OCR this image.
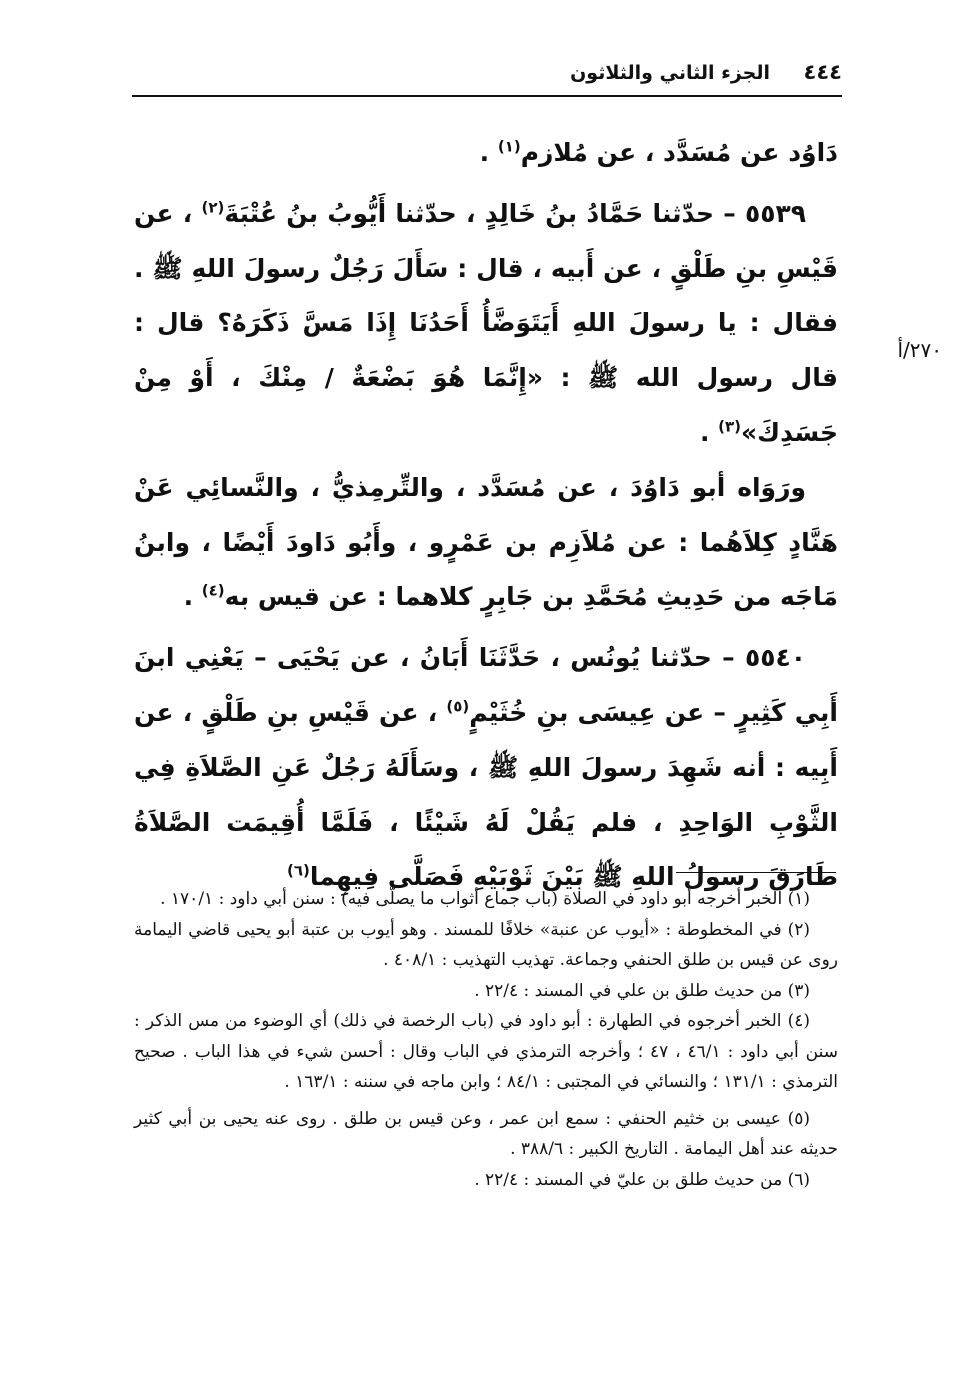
٤٤٤
الجزء الثاني والثلاثون
٢٧٠/أ

دَاوُد عن مُسَدَّد ، عن مُلازم$^{(١)}$ .

٥٥٣٩ – حدّثنا حَمَّادُ بنُ خَالِدٍ ، حدّثنا أَيُّوبُ بنُ عُتْبَةَ$^{(٢)}$ ، عن قَيْسِ بنِ طَلْقٍ ، عن أَبيه ، قال : سَأَلَ رَجُلٌ رسولَ اللهِ ﷺ . فقال : يا رسولَ اللهِ أَيَتَوَضَّأُ أَحَدُنَا إِذَا مَسَّ ذَكَرَهُ؟ قال : قال رسول الله ﷺ : «إِنَّمَا هُوَ بَضْعَةٌ / مِنْكَ ، أَوْ مِنْ جَسَدِكَ»$^{(٣)}$ .

ورَوَاه أبو دَاوُدَ ، عن مُسَدَّد ، والتِّرمِذيُّ ، والنَّسائِي عَنْ هَنَّادٍ كِلاَهُما : عن مُلاَزِم بن عَمْرٍو ، وأَبُو دَاودَ أَيْضًا ، وابنُ مَاجَه من حَدِيثِ مُحَمَّدِ بن جَابِرٍ كلاهما : عن قيس به$^{(٤)}$ .

٥٥٤٠ – حدّثنا يُونُس ، حَدَّثَنَا أَبَانُ ، عن يَحْيَى – يَعْنِي ابنَ أَبِي كَثِيرٍ – عن عِيسَى بنِ خُثَيْمٍ$^{(٥)}$ ، عن قَيْسِ بنِ طَلْقٍ ، عن أَبِيه : أنه شَهِدَ رسولَ اللهِ ﷺ ، وسَأَلَهُ رَجُلٌ عَنِ الصَّلاَةِ فِي الثَّوْبِ الوَاحِدِ ، فلم يَقُلْ لَهُ شَيْئًا ، فَلَمَّا أُقِيمَت الصَّلاَةُ طَارَقَ رسولُ اللهِ ﷺ بَيْنَ ثَوْبَيْهِ فَصَلَّى فِيهِما$^{(٦)}$

(١) الخبر أخرجه أبو داود في الصلاة (باب جماع أثواب ما يصلّى فيه) : سنن أبي داود : ١٧٠/١ .

(٢) في المخطوطة : «أيوب عن عنبة» خلافًا للمسند . وهو أيوب بن عتبة أبو يحيى قاضي اليمامة روى عن قيس بن طلق الحنفي وجماعة. تهذيب التهذيب : ٤٠٨/١ .

(٣) من حديث طلق بن علي في المسند : ٢٢/٤ .

(٤) الخبر أخرجوه في الطهارة : أبو داود في (باب الرخصة في ذلك) أي الوضوء من مس الذكر : سنن أبي داود : ٤٦/١ ، ٤٧ ؛ وأخرجه الترمذي في الباب وقال : أحسن شيء في هذا الباب . صحيح الترمذي : ١٣١/١ ؛ والنسائي في المجتبى : ٨٤/١ ؛ وابن ماجه في سننه : ١٦٣/١ .

(٥) عيسى بن خثيم الحنفي : سمع ابن عمر ، وعن قيس بن طلق . روى عنه يحيى بن أبي كثير حديثه عند أهل اليمامة . التاريخ الكبير : ٣٨٨/٦ .

(٦) من حديث طلق بن عليّ في المسند : ٢٢/٤ .
